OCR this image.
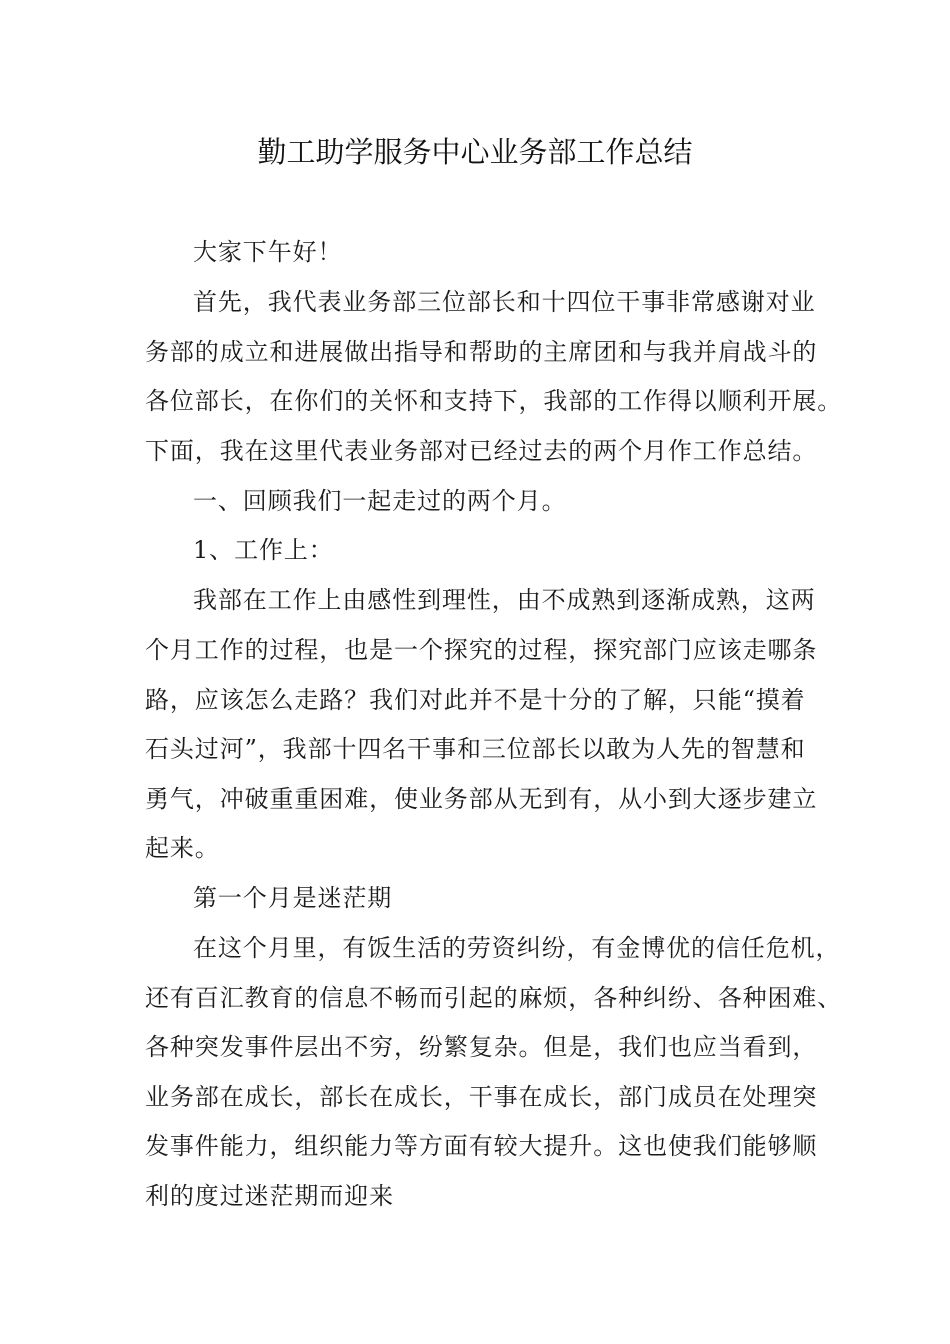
勤工助学服务中心业务部工作总结
大家下午好！
首先，我代表业务部三位部长和十四位干事非常感谢对业
务部的成立和进展做出指导和帮助的主席团和与我并肩战斗的
各位部长，在你们的关怀和支持下，我部的工作得以顺利开展。
下面，我在这里代表业务部对已经过去的两个月作工作总结。
一、回顾我们一起走过的两个月。
1、工作上：
我部在工作上由感性到理性，由不成熟到逐渐成熟，这两
个月工作的过程，也是一个探究的过程，探究部门应该走哪条
路，应该怎么走路？我们对此并不是十分的了解，只能“摸着
石头过河”，我部十四名干事和三位部长以敢为人先的智慧和
勇气，冲破重重困难，使业务部从无到有，从小到大逐步建立
起来。
第一个月是迷茫期
在这个月里，有饭生活的劳资纠纷，有金博优的信任危机，
还有百汇教育的信息不畅而引起的麻烦，各种纠纷、各种困难、
各种突发事件层出不穷，纷繁复杂。但是，我们也应当看到，
业务部在成长，部长在成长，干事在成长，部门成员在处理突
发事件能力，组织能力等方面有较大提升。这也使我们能够顺
利的度过迷茫期而迎来
